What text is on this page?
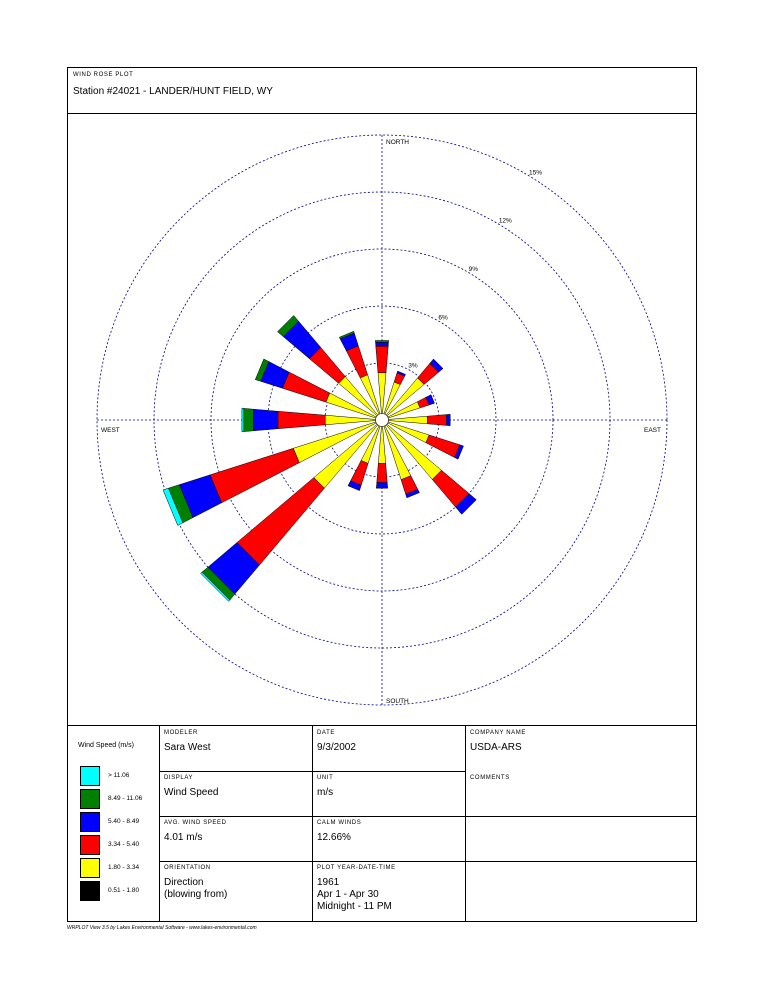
WIND ROSE PLOT
Station #24021 - LANDER/HUNT FIELD, WY
3%
6%
9%
12%
15%
NORTH
SOUTH
EAST
WEST
Wind Speed (m/s)
> 11.06
8.49 - 11.06
5.40 - 8.49
3.34 - 5.40
1.80 - 3.34
0.51 - 1.80
MODELER
Sara West
DATE
9/3/2002
COMPANY NAME
USDA-ARS
DISPLAY
Wind Speed
UNIT
m/s
COMMENTS
AVG. WIND SPEED
4.01 m/s
CALM WINDS
12.66%
ORIENTATION
Direction
(blowing from)
PLOT YEAR-DATE-TIME
1961
Apr 1 - Apr 30
Midnight - 11 PM
WRPLOT View 3.5 by Lakes Environmental Software - www.lakes-environmental.com
